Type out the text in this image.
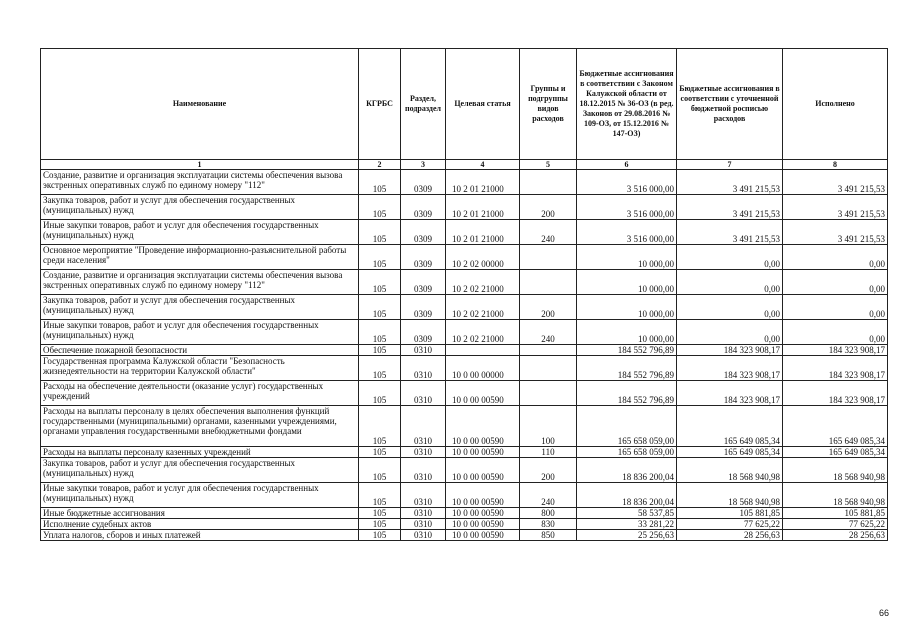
Наименование	КГРБС	Раздел, подраздел	Целевая статья	Группы и подгруппы видов расходов	Бюджетные ассигнования в соответствии с Законом Калужской области от 18.12.2015 № 36-ОЗ (в ред. Законов от 29.08.2016 № 109-ОЗ, от 15.12.2016 № 147-ОЗ)	Бюджетные ассигнования в соответствии с уточненной бюджетной росписью расходов	Исполнено
1	2	3	4	5	6	7	8
Создание, развитие и организация эксплуатации системы обеспечения вызова экстренных оперативных служб по единому номеру "112"	105	0309	10 2 01 21000		3 516 000,00	3 491 215,53	3 491 215,53
Закупка товаров, работ и услуг для обеспечения государственных (муниципальных) нужд	105	0309	10 2 01 21000	200	3 516 000,00	3 491 215,53	3 491 215,53
Иные закупки товаров, работ и услуг для обеспечения государственных (муниципальных) нужд	105	0309	10 2 01 21000	240	3 516 000,00	3 491 215,53	3 491 215,53
Основное мероприятие "Проведение информационно-разъяснительной работы среди населения"	105	0309	10 2 02 00000		10 000,00	0,00	0,00
Создание, развитие и организация эксплуатации системы обеспечения вызова экстренных оперативных служб по единому номеру "112"	105	0309	10 2 02 21000		10 000,00	0,00	0,00
Закупка товаров, работ и услуг для обеспечения государственных (муниципальных) нужд	105	0309	10 2 02 21000	200	10 000,00	0,00	0,00
Иные закупки товаров, работ и услуг для обеспечения государственных (муниципальных) нужд	105	0309	10 2 02 21000	240	10 000,00	0,00	0,00
Обеспечение пожарной безопасности	105	0310			184 552 796,89	184 323 908,17	184 323 908,17
Государственная программа Калужской области "Безопасность жизнедеятельности на территории Калужской области"	105	0310	10 0 00 00000		184 552 796,89	184 323 908,17	184 323 908,17
Расходы на обеспечение деятельности (оказание услуг) государственных учреждений	105	0310	10 0 00 00590		184 552 796,89	184 323 908,17	184 323 908,17
Расходы на выплаты персоналу в целях обеспечения выполнения функций государственными (муниципальными) органами, казенными учреждениями, органами управления государственными внебюджетными фондами	105	0310	10 0 00 00590	100	165 658 059,00	165 649 085,34	165 649 085,34
Расходы на выплаты персоналу казенных учреждений	105	0310	10 0 00 00590	110	165 658 059,00	165 649 085,34	165 649 085,34
Закупка товаров, работ и услуг для обеспечения государственных (муниципальных) нужд	105	0310	10 0 00 00590	200	18 836 200,04	18 568 940,98	18 568 940,98
Иные закупки товаров, работ и услуг для обеспечения государственных (муниципальных) нужд	105	0310	10 0 00 00590	240	18 836 200,04	18 568 940,98	18 568 940,98
Иные бюджетные ассигнования	105	0310	10 0 00 00590	800	58 537,85	105 881,85	105 881,85
Исполнение судебных актов	105	0310	10 0 00 00590	830	33 281,22	77 625,22	77 625,22
Уплата налогов, сборов и иных платежей	105	0310	10 0 00 00590	850	25 256,63	28 256,63	28 256,63
66
